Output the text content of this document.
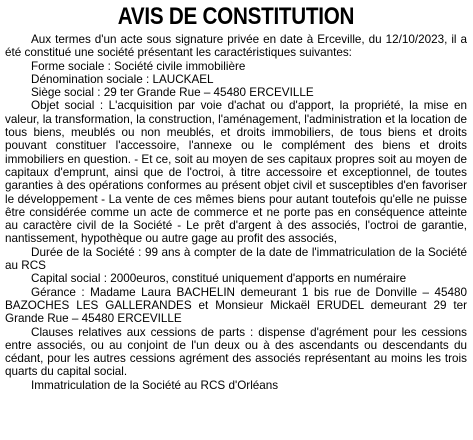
AVIS DE CONSTITUTION

Aux termes d'un acte sous signature privée en date à Erceville, du 12/10/2023, il a été constitué une société présentant les caractéristiques suivantes:

Forme sociale : Société civile immobilière

Dénomination sociale : LAUCKAEL

Siège social : 29 ter Grande Rue – 45480 ERCEVILLE

Objet social : L'acquisition par voie d'achat ou d'apport, la propriété, la mise en valeur, la transformation, la construction, l'aménagement, l'administration et la location de tous biens, meublés ou non meublés, et droits immobiliers, de tous biens et droits pouvant constituer l'accessoire, l'annexe ou le complément des biens et droits immobiliers en question. - Et ce, soit au moyen de ses capitaux propres soit au moyen de capitaux d'emprunt, ainsi que de l'octroi, à titre accessoire et exceptionnel, de toutes garanties à des opérations conformes au présent objet civil et susceptibles d'en favoriser le développement - La vente de ces mêmes biens pour autant toutefois qu'elle ne puisse être considérée comme un acte de commerce et ne porte pas en conséquence atteinte au caractère civil de la Société - Le prêt d'argent à des associés, l'octroi de garantie, nantissement, hypothèque ou autre gage au profit des associés,

Durée de la Société : 99 ans à compter de la date de l'immatriculation de la Société au RCS

Capital social : 2000euros, constitué uniquement d'apports en numéraire

Gérance : Madame Laura BACHELIN demeurant 1 bis rue de Donville – 45480 BAZOCHES LES GALLERANDES et Monsieur Mickaël ERUDEL demeurant 29 ter Grande Rue – 45480 ERCEVILLE

Clauses relatives aux cessions de parts : dispense d'agrément pour les cessions entre associés, ou au conjoint de l'un deux ou à des ascendants ou descendants du cédant, pour les autres cessions agrément des associés représentant au moins les trois quarts du capital social.

Immatriculation de la Société au RCS d'Orléans
